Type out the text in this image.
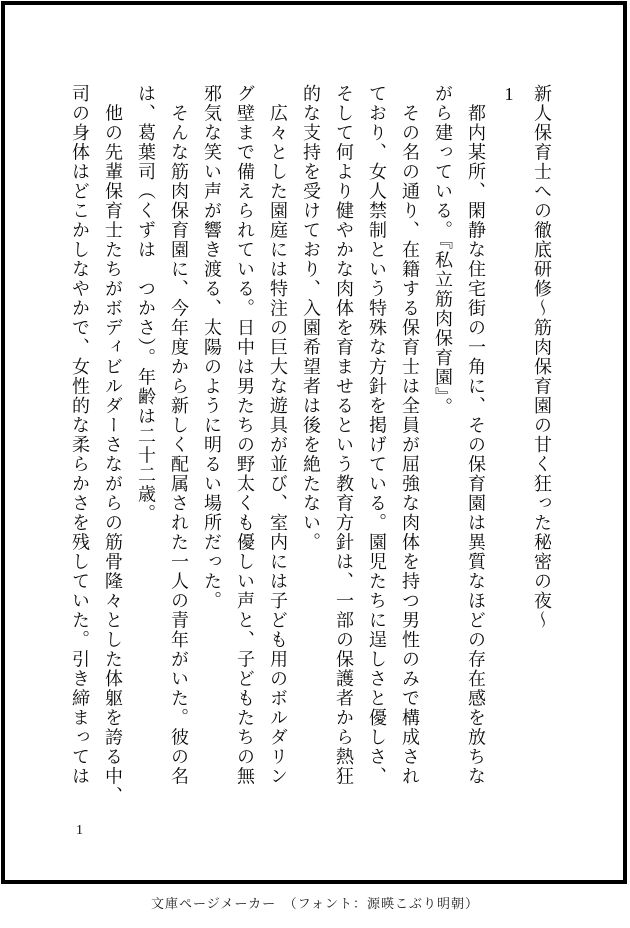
新人保育士への徹底研修～筋肉保育園の甘く狂った秘密の夜～

1

　都内某所、閑静な住宅街の一角に、その保育園は異質なほどの存在感を放ちな

がら建っている。『私立筋肉保育園』。

　その名の通り、在籍する保育士は全員が屈強な肉体を持つ男性のみで構成され

ており、女人禁制という特殊な方針を掲げている。園児たちに逞しさと優しさ、

そして何より健やかな肉体を育ませるという教育方針は、一部の保護者から熱狂

的な支持を受けており、入園希望者は後を絶たない。

　広々とした園庭には特注の巨大な遊具が並び、室内には子ども用のボルダリン

グ壁まで備えられている。日中は男たちの野太くも優しい声と、子どもたちの無

邪気な笑い声が響き渡る、太陽のように明るい場所だった。

　そんな筋肉保育園に、今年度から新しく配属された一人の青年がいた。彼の名

は、葛葉司（くずは　つかさ）。年齢は二十二歳。

　他の先輩保育士たちがボディビルダーさながらの筋骨隆々とした体躯を誇る中、

司の身体はどこかしなやかで、女性的な柔らかさを残していた。引き締まっては

1
文庫ページメーカー　（フォント：源暎こぶり明朝）
